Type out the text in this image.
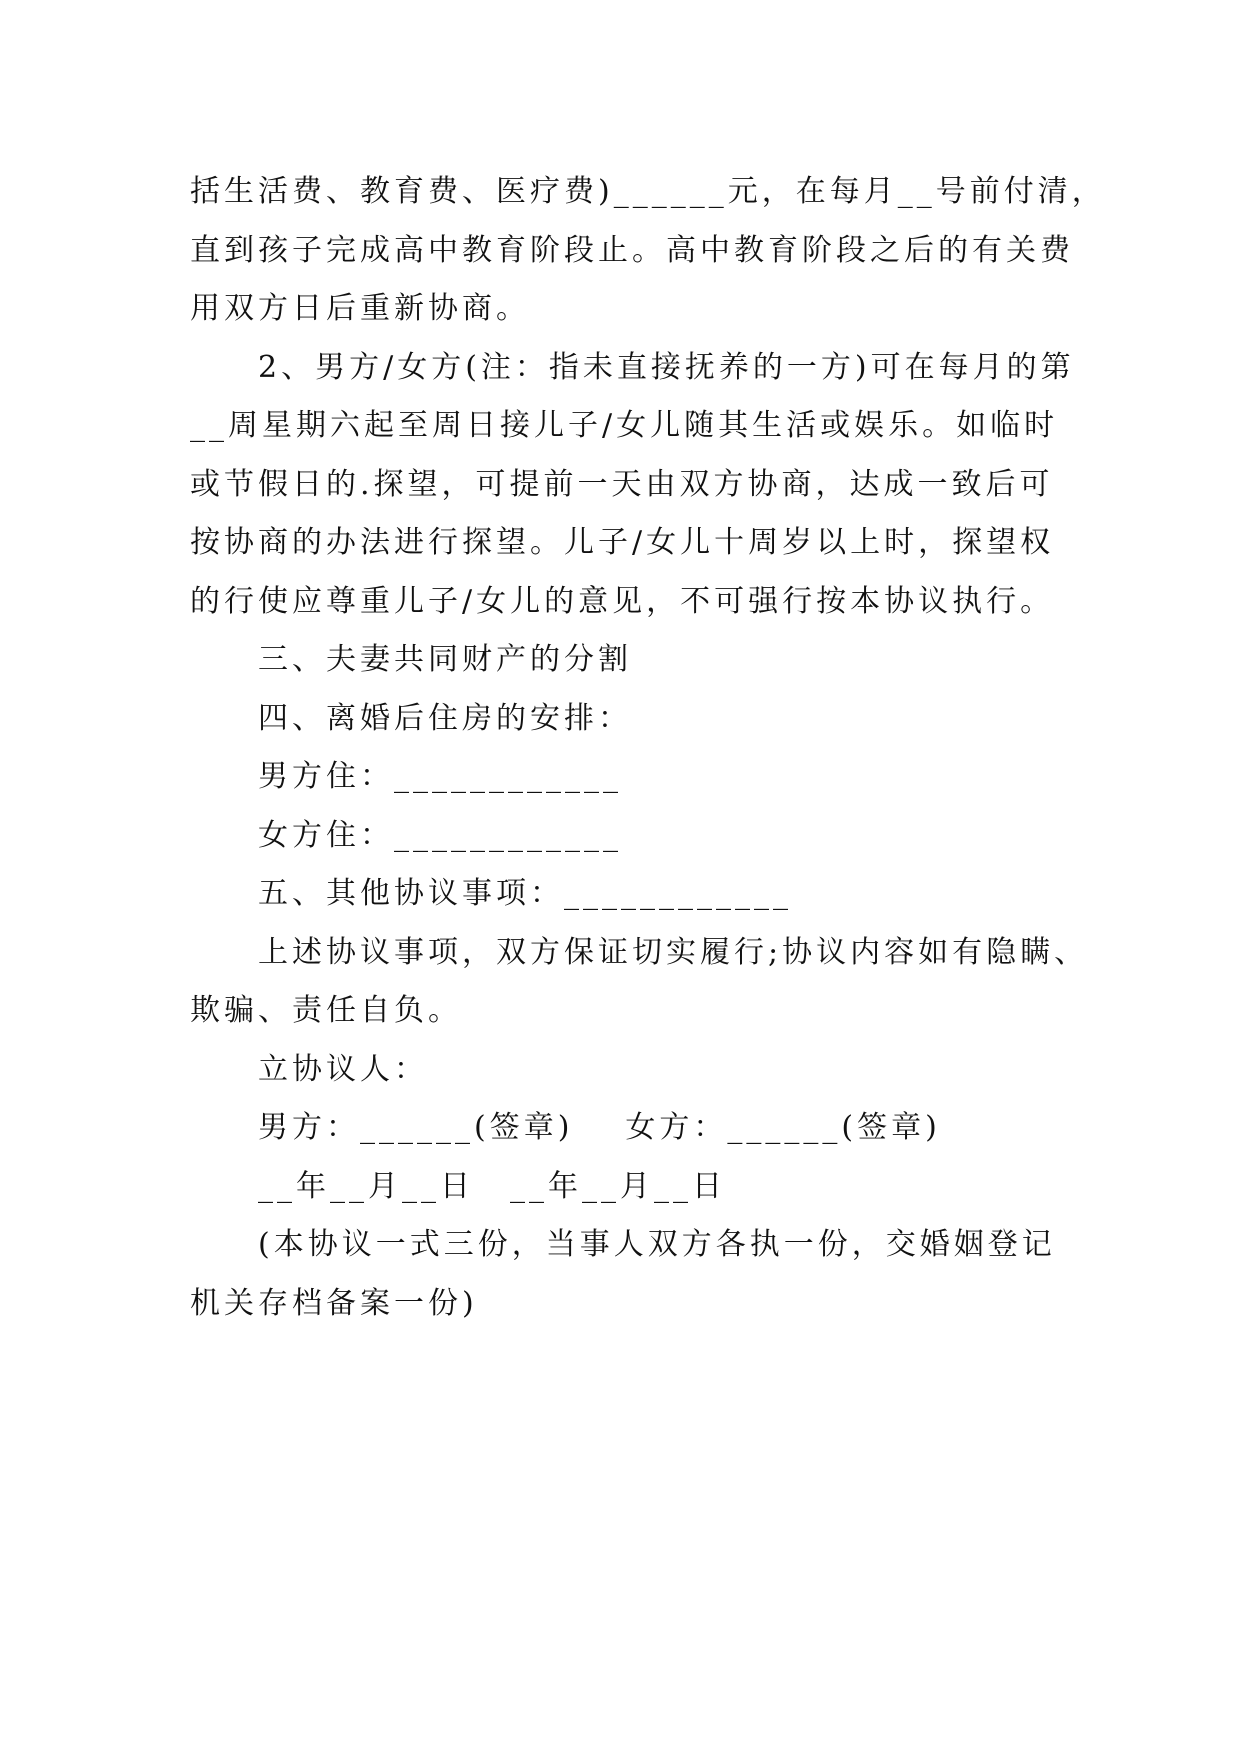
括生活费、教育费、医疗费)______元，在每月__号前付清，
直到孩子完成高中教育阶段止。高中教育阶段之后的有关费
用双方日后重新协商。
2、男方/女方(注：指未直接抚养的一方)可在每月的第
__周星期六起至周日接儿子/女儿随其生活或娱乐。如临时
或节假日的.探望，可提前一天由双方协商，达成一致后可
按协商的办法进行探望。儿子/女儿十周岁以上时，探望权
的行使应尊重儿子/女儿的意见，不可强行按本协议执行。
三、夫妻共同财产的分割
四、离婚后住房的安排：
男方住：____________
女方住：____________
五、其他协议事项：____________
上述协议事项，双方保证切实履行;协议内容如有隐瞒、
欺骗、责任自负。
立协议人：
男方：______(签章) 女方：______(签章)
__年__月__日 __年__月__日
(本协议一式三份，当事人双方各执一份，交婚姻登记
机关存档备案一份)
